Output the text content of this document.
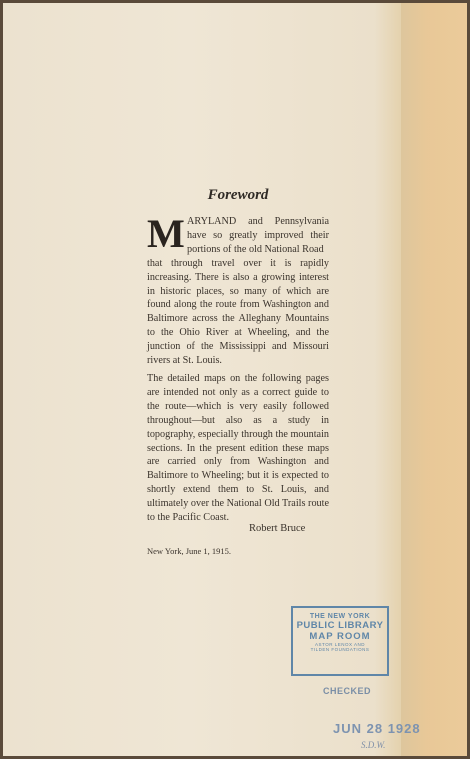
Foreword
M ARYLAND and Pennsylvania have so greatly improved their portions of the old National Road
that through travel over it is rapidly increasing. There is also a growing interest in historic places, so many of which are found along the route from Washington and Baltimore across the Alleghany Mountains to the Ohio River at Wheeling, and the junction of the Mississippi and Missouri rivers at St. Louis.
The detailed maps on the following pages are intended not only as a correct guide to the route—which is very easily followed throughout—but also as a study in topography, especially through the mountain sections. In the present edition these maps are carried only from Washington and Baltimore to Wheeling; but it is expected to shortly extend them to St. Louis, and ultimately over the National Old Trails route to the Pacific Coast.
Robert Bruce
New York, June 1, 1915.
THE NEW YORK
PUBLIC LIBRARY
MAP ROOM
ASTOR LENOX AND
TILDEN FOUNDATIONS
CHECKED
JUN 28 1928
S.D.W.
